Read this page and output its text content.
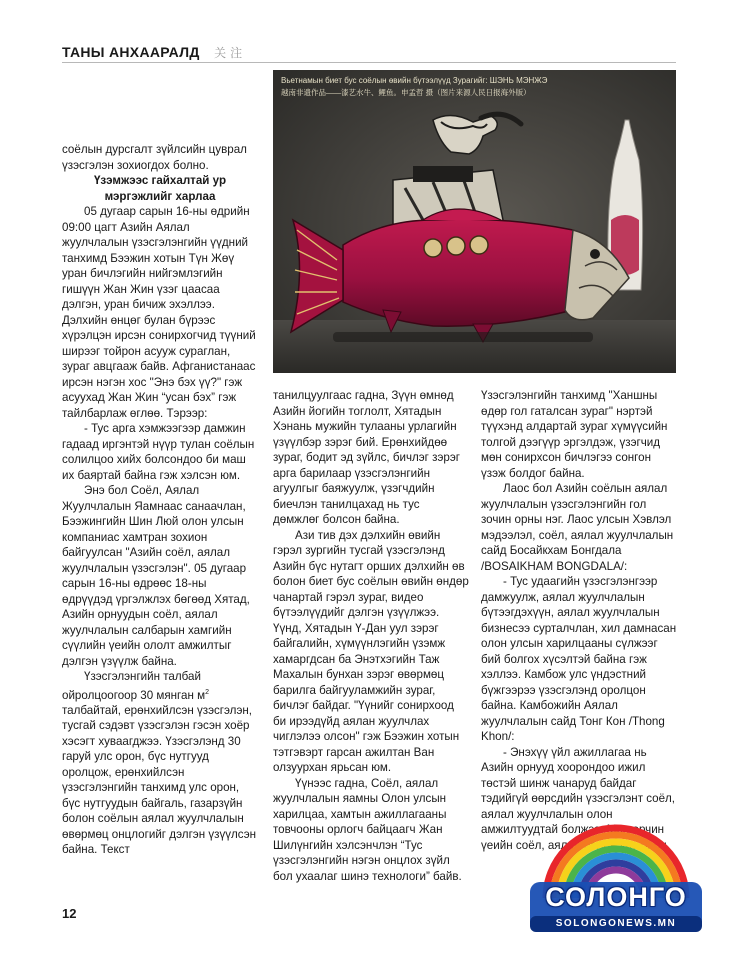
ТАНЫ АНХААРАЛД 关注
Вьетнамын биет бус соёлын өвийн бүтээлүүд Зурагийг: ШЭНЬ МЭНЖЭ
越南非遗作品——漆艺水牛、鲤鱼。申孟哲 摄（图片来源人民日报海外版）

соёлын дурсгалт зүйлсийн цуврал үзэсгэлэн зохиогдох болно.

Үзэмжээс гайхалтай ур мэргэжлийг харлаа

05 дугаар сарын 16-ны өдрийн 09:00 цагт Азийн Аялал жуулчлалын үзэсгэлэнгийн үүдний танхимд Бээжин хотын Түн Жөү уран бичлэгийн нийгэмлэгийн гишүүн Жан Жин үзэг цаасаа дэлгэн, уран бичиж эхэллээ. Дэлхийн өнцөг булан бүрээс хүрэлцэн ирсэн сонирхогчид түүний ширээг тойрон асууж сураглан, зураг авцгааж байв. Афганистанаас ирсэн нэгэн хос "Энэ бэх үү?" гэж асуухад Жан Жин “усан бэх” гэж тайлбарлаж өглөө. Тэрээр:

- Тус арга хэмжээгээр дамжин гадаад иргэнтэй нүүр тулан соёлын солилцоо хийх болсондоо би маш их баяртай байна гэж хэлсэн юм.

Энэ бол Соёл, Аялал Жуулчлалын Яамнаас санаачлан, Бээжингийн Шин Люй олон улсын компаниас хамтран зохион байгуулсан "Азийн соёл, аялал жуулчлалын үзэсгэлэн". 05 дугаар сарын 16-ны өдрөөс 18-ны өдрүүдэд үргэлжлэх бөгөөд Хятад, Азийн орнуудын соёл, аялал жуулчлалын салбарын хамгийн сүүлийн үеийн ололт амжилтыг дэлгэн үзүүлж байна.

Үзэсгэлэнгийн талбай ойролцоогоор 30 мянган $м^2$ талбайтай, ерөнхийлсэн үзэсгэлэн, тусгай сэдэвт үзэсгэлэн гэсэн хоёр хэсэгт хуваагджээ. Үзэсгэлэнд 30 гаруй улс орон, бүс нутгууд оролцож, ерөнхийлсэн үзэсгэлэнгийн танхимд улс орон, бүс нутгуудын байгаль, газарзүйн болон соёлын аялал жуулчлалын өвөрмөц онцлогийг дэлгэн үзүүлсэн байна. Текст

танилцуулгаас гадна, Зүүн өмнөд Азийн йогийн тоглолт, Хятадын Хэнань мужийн тулааны урлагийн үзүүлбэр зэрэг бий. Ерөнхийдөө зураг, бодит эд зүйлс, бичлэг зэрэг арга барилаар үзэсгэлэнгийн агуулгыг баяжуулж, үзэгчдийн биечлэн танилцахад нь тус дөмжлөг болсон байна.

Ази тив дэх дэлхийн өвийн гэрэл зургийн тусгай үзэсгэлэнд Азийн бүс нутагт орших дэлхийн өв болон биет бус соёлын өвийн өндөр чанартай гэрэл зураг, видео бүтээлүүдийг дэлгэн үзүүлжээ. Үүнд, Хятадын Ү-Дан уул зэрэг байгалийн, хүмүүнлэгийн үзэмж хамаргдсан ба Энэтхэгийн Таж Махалын бунхан зэрэг өвөрмөц барилга байгууламжийн зураг, бичлэг байдаг. "Үүнийг сонирхоод би ирээдүйд аялан жуулчлах чиглэлээ олсон" гэж Бээжин хотын тэтгэвэрт гарсан ажилтан Ван олзуурхан ярьсан юм.

Үүнээс гадна, Соёл, аялал жуулчлалын яамны Олон улсын харилцаа, хамтын ажиллагааны товчооны орлогч байцаагч Жан Шилүнгийн хэлсэнчлэн “Тус үзэсгэлэнгийн нэгэн онцлох зүйл бол ухаалаг шинэ технологи” байв.

Үзэсгэлэнгийн танхимд "Ханшны өдөр гол гаталсан зураг" нэртэй түүхэнд алдартай зураг хүмүүсийн толгой дээгүүр эргэлдэж, үзэгчид мөн сонирхсон бичлэгээ сонгон үзэж болдог байна.

Лаос бол Азийн соёлын аялал жуулчлалын үзэсгэлэнгийн гол зочин орны нэг. Лаос улсын Хэвлэл мэдээлэл, соёл, аялал жуулчлалын сайд Босайкхам Бонгдала /BOSAIKHAM BONGDALA/:

- Тус удаагийн үзэсгэлэнгээр дамжуулж, аялал жуулчлалын бүтээгдэхүүн, аялал жуулчлалын бизнесээ сурталчлан, хил дамнасан олон улсын харилцааны сүлжээг бий болгох хүсэлтэй байна гэж хэллээ. Камбож улс үндэстний бүжгээрээ үзэсгэлэнд оролцон байна. Камбожийн Аялал жуулчлалын сайд Тонг Кон /Thong Khon/:

- Энэхүү үйл ажиллагаа нь Азийн орнууд хоорондоо ижил төстэй шинж чанаруд байдаг тэдийгүй өөрсдийн үзэсгэлэнт соёл, аялал жуулчлалын олон амжилтуудтай болжээ. Мөн орчин үеийн соёл, аялал болон улс орон

12
СОЛОНГО
SOLONGONEWS.MN
